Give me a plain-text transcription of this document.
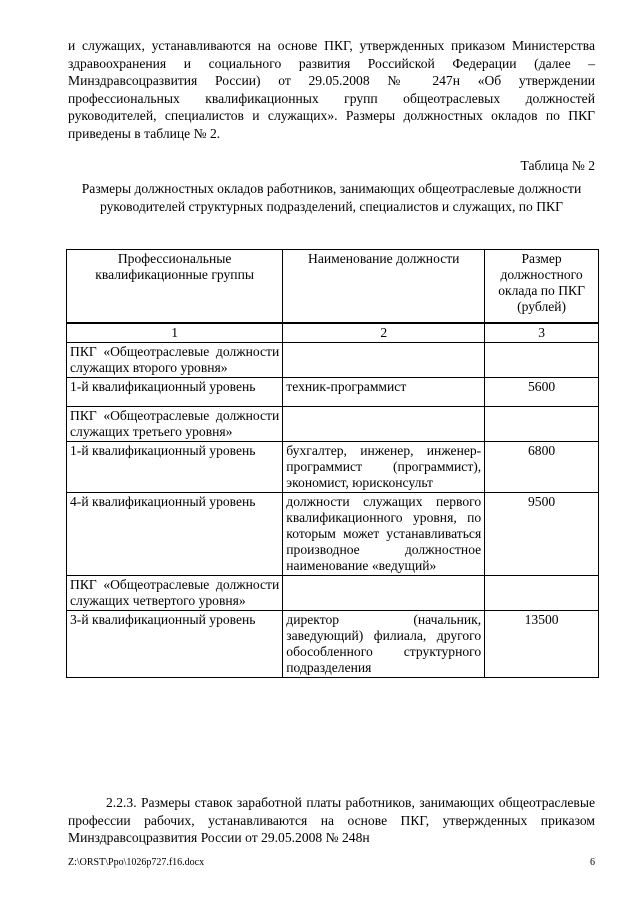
и служащих, устанавливаются на основе ПКГ, утвержденных приказом Министерства здравоохранения и социального развития Российской Федерации (далее – Минздравсоцразвития России) от 29.05.2008 № 247н «Об утверждении профессиональных квалификационных групп общеотраслевых должностей руководителей, специалистов и служащих». Размеры должностных окладов по ПКГ приведены в таблице № 2.

Таблица № 2
Размеры должностных окладов работников, занимающих общеотраслевые должности руководителей структурных подразделений, специалистов и служащих, по ПКГ
Профессиональные квалификационные группы	Наименование должности	Размер должностного оклада по ПКГ (рублей)
1	2	3
ПКГ «Общеотраслевые должности служащих второго уровня»		
1-й квалификационный уровень	техник-программист	5600
ПКГ «Общеотраслевые должности служащих третьего уровня»		
1-й квалификационный уровень	бухгалтер, инженер, инженер-программист (программист), экономист, юрисконсульт	6800
4-й квалификационный уровень	должности служащих первого квалификационного уровня, по которым может устанавливаться производное должностное наименование «ведущий»	9500
ПКГ «Общеотраслевые должности служащих четвертого уровня»		
3-й квалификационный уровень	директор (начальник, заведующий) филиала, другого обособленного структурного подразделения	13500

2.2.3. Размеры ставок заработной платы работников, занимающих общеотраслевые профессии рабочих, устанавливаются на основе ПКГ, утвержденных приказом Минздравсоцразвития России от 29.05.2008 № 248н

Z:\ORST\Ppo\1026p727.f16.docx	6
